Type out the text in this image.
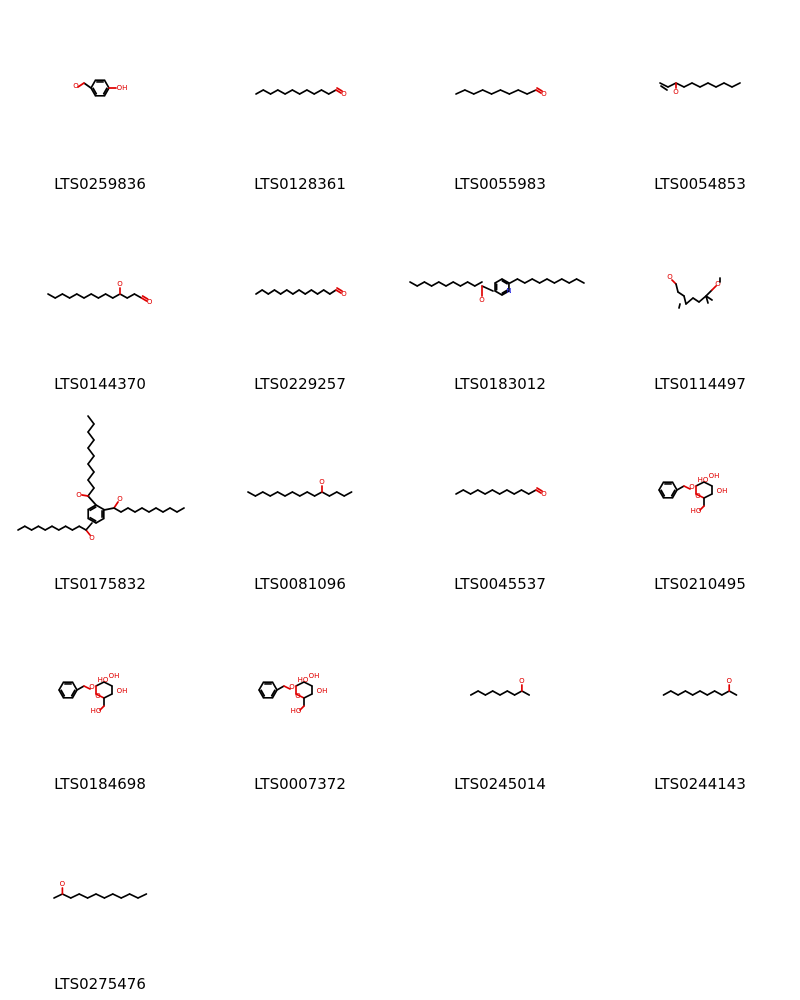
O	OH
LTS0259836
O
LTS0128361
O
LTS0055983
O
LTS0054853
O
O
LTS0144370
O
LTS0229257
O
N
LTS0183012
O
O
LTS0114497
O	O
O
LTS0175832
O
LTS0081096
O
LTS0045537
O
HO OH
O
OH
HO
LTS0210495
O
HO OH
O
OH
HO
LTS0184698
O
HO OH
O
OH
HO
LTS0007372
O
LTS0245014
O
LTS0244143
O
LTS0275476
